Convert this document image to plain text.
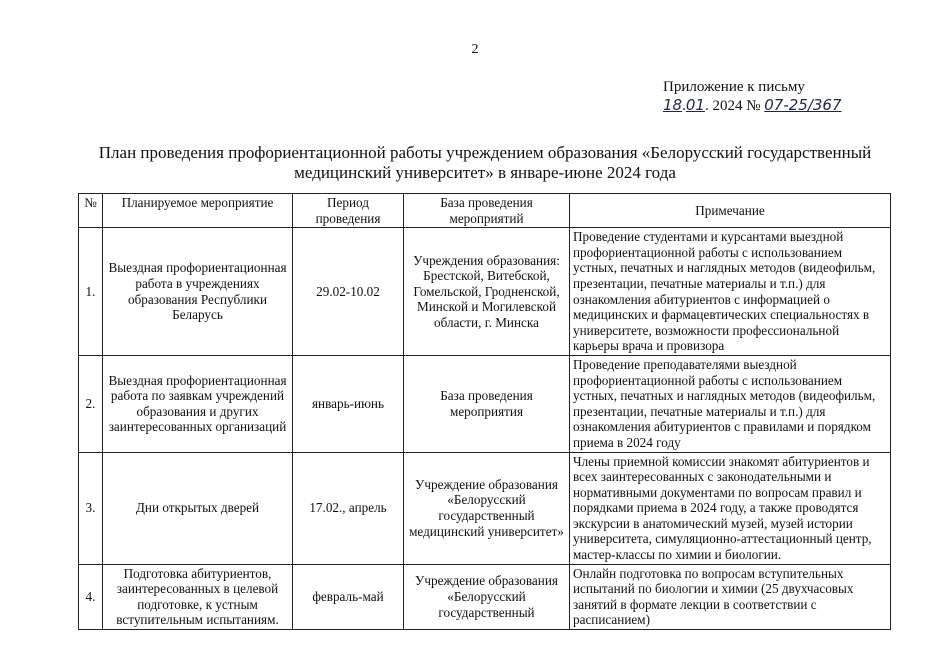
2
Приложение к письму
18.01. 2024 № 07-25/367
План проведения профориентационной работы учреждением образования «Белорусский государственный медицинский университет» в январе-июне 2024 года
№	Планируемое мероприятие	Период проведения	База проведения мероприятий	Примечание
1.	Выездная профориентационная работа в учреждениях образования Республики Беларусь	29.02-10.02	Учреждения образования: Брестской, Витебской, Гомельской, Гродненской, Минской и Могилевской области, г. Минска	Проведение студентами и курсантами выездной профориентационной работы с использованием устных, печатных и наглядных методов (видеофильм, презентации, печатные материалы и т.п.) для ознакомления абитуриентов с информацией о медицинских и фармацевтических специальностях в университете, возможности профессиональной карьеры врача и провизора
2.	Выездная профориентационная работа по заявкам учреждений образования и других заинтересованных организаций	январь-июнь	База проведения мероприятия	Проведение преподавателями выездной профориентационной работы с использованием устных, печатных и наглядных методов (видеофильм, презентации, печатные материалы и т.п.) для ознакомления абитуриентов с правилами и порядком приема в 2024 году
3.	Дни открытых дверей	17.02., апрель	Учреждение образования «Белорусский государственный медицинский университет»	Члены приемной комиссии знакомят абитуриентов и всех заинтересованных с законодательными и нормативными документами по вопросам правил и порядками приема в 2024 году, а также проводятся экскурсии в анатомический музей, музей истории университета, симуляционно-аттестационный центр, мастер-классы по химии и биологии.
4.	Подготовка абитуриентов, заинтересованных в целевой подготовке, к устным вступительным испытаниям.	февраль-май	Учреждение образования «Белорусский государственный	Онлайн подготовка по вопросам вступительных испытаний по биологии и химии (25 двухчасовых занятий в формате лекции в соответствии с расписанием)
